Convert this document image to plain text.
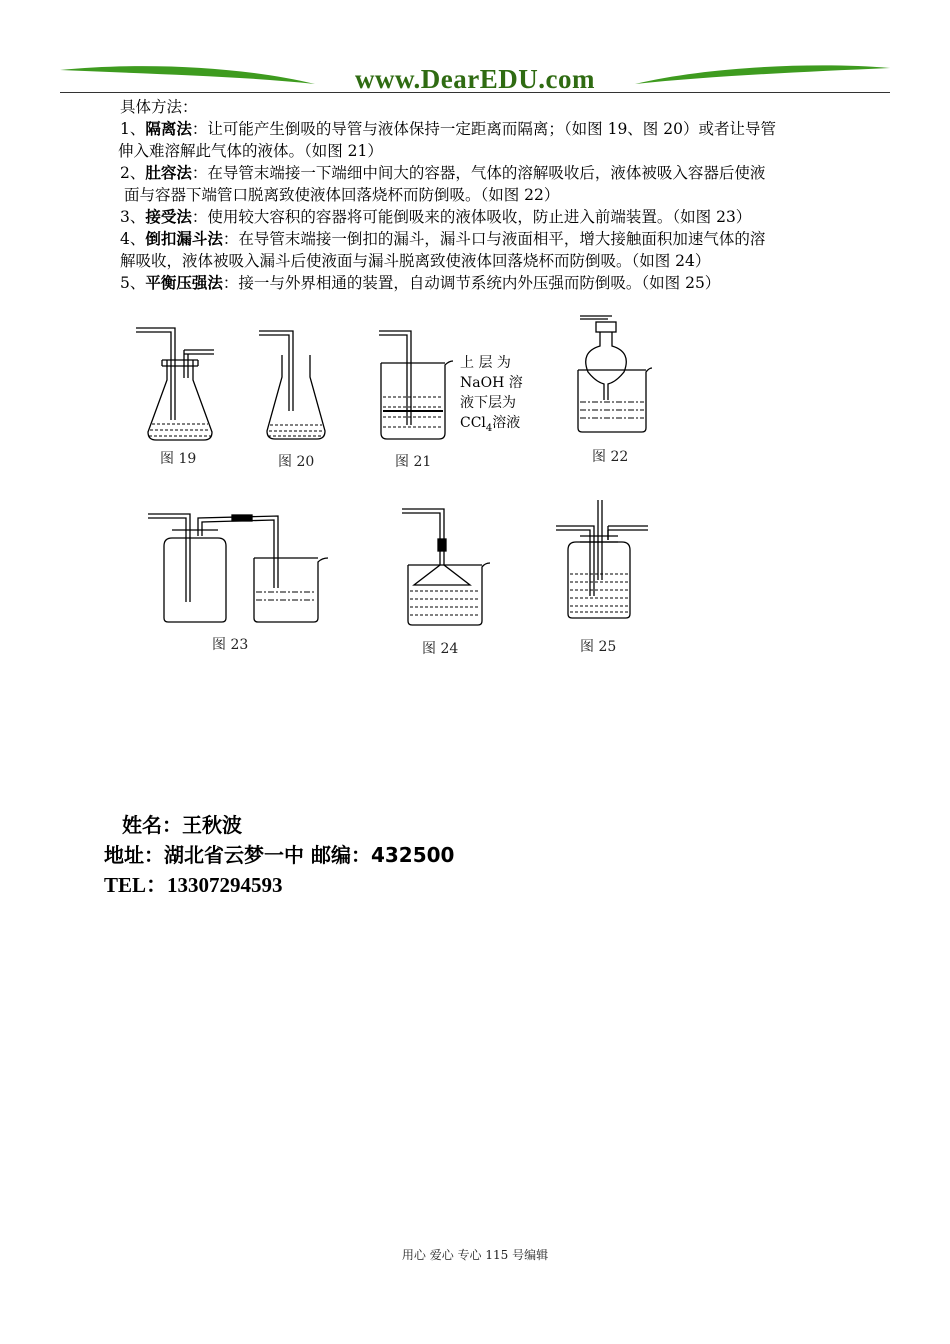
www.DearEDU.com

具体方法：

1、隔离法：让可能产生倒吸的导管与液体保持一定距离而隔离；（如图 19、图 20）或者让导管

伸入难溶解此气体的液体。（如图 21）

2、肚容法：在导管末端接一下端细中间大的容器，气体的溶解吸收后，液体被吸入容器后使液

面与容器下端管口脱离致使液体回落烧杯而防倒吸。（如图 22）

3、接受法：使用较大容积的容器将可能倒吸来的液体吸收，防止进入前端装置。（如图 23）

4、倒扣漏斗法：在导管末端接一倒扣的漏斗，漏斗口与液面相平，增大接触面积加速气体的溶

解吸收，液体被吸入漏斗后使液面与漏斗脱离致使液体回落烧杯而防倒吸。（如图 24）

5、平衡压强法：接一与外界相通的装置，自动调节系统内外压强而防倒吸。（如图 25）

图 19	图 20	图 21
上 层 为
NaOH 溶
液下层为
CCl$_4$溶液
图 22
图 23	图 24	图 25
姓名：王秋波
地址：湖北省云梦一中 邮编：432500
TEL：13307294593
用心 爱心 专心 115 号编辑
